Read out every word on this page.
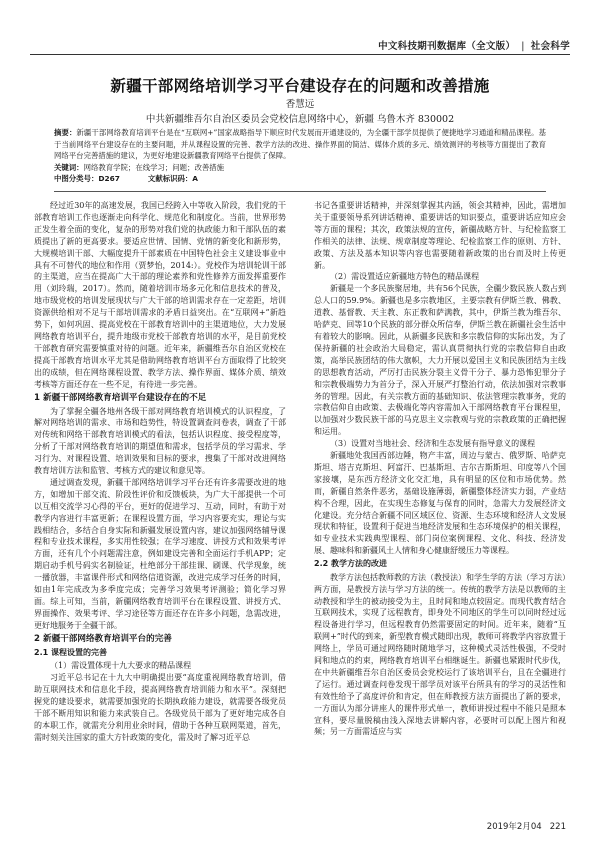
中文科技期刊数据库（全文版） | 社会科学
新疆干部网络培训学习平台建设存在的问题和改善措施
香慧远
中共新疆维吾尔自治区委员会党校信息网络中心，新疆 乌鲁木齐 830002
摘要：新疆干部网络教育培训平台是在“互联网+”国家战略指导下顺应时代发展而开通建设的，为全疆干部学员提供了便捷地学习通道和精品课程。基于当前网络平台建设存在的主要问题，并从课程设置的完善、教学方法的改进、操作界面的简洁、媒体介质的多元、绩效测评的考核等方面提出了教育网络平台完善措施的建议，为更好地建设新疆教育网络平台提供了保障。
关键词：网络教育学院；在线学习；问题；改善措施
中图分类号：D267	文献标识码：A

经过近30年的高速发展，我国已经跨入中等收入阶段，我们党的干部教育培训工作也逐渐走向科学化、规范化和制度化。当前，世界形势正发生着全面的变化，复杂的形势对我们党的执政能力和干部队伍的素质提出了新的更高要求。要适应世情、国情、党情的新变化和新形势，大规模培训干部、大幅度提升干部素质在中国特色社会主义建设事业中具有不可替代的地位和作用（贾梦怡，2014:）。党校作为培训轮训干部的主渠道，应当在提高广大干部的理论素养和党性修养方面发挥重要作用（刘玲瑞，2017）。然而，随着培训市场多元化和信息技术的普及，地市级党校的培训发展现状与广大干部的培训需求存在一定差距，培训资源供给相对不足与干部培训需求的矛盾日益突出。在“互联网+”新趋势下，如何巩固、提高党校在干部教育培训中的主渠道地位，大力发展网络教育培训平台，提升地级市党校干部教育培训的水平，是目前党校干部教育研究需要慎重对待的问题。近年来，新疆维吾尔自治区党校在提高干部教育培训水平尤其是借助网络教育培训平台方面取得了比较突出的成绩，但在网络课程设置、教学方法、操作界面、媒体介质、绩效考核等方面还存在一些不足，有待进一步完善。

1 新疆干部网络教育培训平台建设存在的不足

为了掌握全疆各地州各级干部对网络教育培训模式的认识程度，了解对网络培训的需求、市场和趋势性，特设置调查问卷表，调查了干部对传统和网络干部教育培训模式的看法，包括认识程度、接受程度等，分析了干部对网络教育培训的期望值和需求，包括学员的学习需求、学习行为、对课程设置、培训效果和目标的要求，搜集了干部对改进网络教育培训方法和监管、考核方式的建议和意见等。

通过调查发现，新疆干部网络培训学习平台还有许多需要改进的地方，如增加干部交流、阶段性评价和反馈板块，为广大干部提供一个可以互相交流学习心得的平台，更好的促进学习、互动，同时，有助于对教学内容进行丰富更新；在课程设置方面，学习内容要充实，理论与实践相结合，多结合自身实际和新疆发展设置内容，建议加强网络辅导课程和专业技术课程，多实用性较强；在学习速度、讲授方式和效果考评方面，还有几个小问题需注意，例如建设完善和全面运行手机APP；定期启动手机号码实名制验证，杜绝部分干部挂课、刷课、代学现象，统一播放器，丰富课件形式和网络信道资源，改进完成学习任务的时间，如由1年完成改为多季度完成；完善学习效果考评测验；简化学习界面。综上可知，当前，新疆网络教育培训平台在课程设置、讲授方式、界面操作、效果考评、学习途径等方面还存在许多小问题，急需改进，更好地服务于全疆干部。

2 新疆干部网络教育培训平台的完善
2.1 课程设置的完善
（1）需设置体现十九大要求的精品课程

习近平总书记在十九大中明确提出要“高度重视网络教育培训，借助互联网技术和信息化手段，提高网络教育培训能力和水平”。深刻把握党的建设要求，就需要加强党的长期执政能力建设，就需要各级党员干部不断用知识和能力来武装自己。各级党员干部为了更好地完成各自的本职工作，就需充分利用业余时间，借助于各种互联网渠道，首先，需时刻关注国家的重大方针政策的变化，需及时了解习近平总

书记各重要讲话精神，并深刻掌握其内涵，领会其精神，因此，需增加关于重要领导系列讲话精神、重要讲话的知识要点，重要讲话应知应会等方面的课程；其次，政策法规的宣传，新疆战略方针、与纪检监察工作相关的法律、法规、规章制度等理论、纪检监察工作的原则、方针、政策、方法及基本知识等内容也需要随着新政策的出台而及时上传更新。

（2）需设置适应新疆地方特色的精品课程

新疆是一个多民族聚居地，共有56个民族，全疆少数民族人数占到总人口的59.9%。新疆也是多宗教地区，主要宗教有伊斯兰教、佛教、道教、基督教、天主教、东正教和萨满教，其中，伊斯兰教为维吾尔、哈萨克、回等10个民族的部分群众所信奉，伊斯兰教在新疆社会生活中有着较大的影响。因此，从新疆多民族和多宗教信仰的实际出发，为了保持新疆的社会政治大局稳定，需认真贯彻执行党的宗教信仰自由政策，高举民族团结的伟大旗帜，大力开展以爱国主义和民族团结为主线的思想教育活动，严厉打击民族分裂主义骨干分子、暴力恐怖犯罪分子和宗教极端势力为首分子，深入开展严打整治行动，依法加强对宗教事务的管理。因此，有关宗教方面的基础知识、依法管理宗教事务，党的宗教信仰自由政策、去极端化等内容需加入干部网络教育平台课程里，以加强对少数民族干部的马克思主义宗教观与党的宗教政策的正确把握和运用。

（3）设置对当地社会、经济和生态发展有指导意义的课程

新疆地处我国西部边陲，物产丰富，周边与蒙古、俄罗斯、哈萨克斯坦、塔吉克斯坦、阿富汗、巴基斯坦、吉尔吉斯斯坦、印度等八个国家接壤，是东西方经济文化交汇地，具有明显的区位和市场优势。然而，新疆自然条件恶劣，基础设施薄弱，新疆整体经济实力弱，产业结构不合理，因此，在实现生态修复与保育的同时，急需大力发展经济文化建设。充分结合新疆不同区域区位、资源、生态环境和经济人文发展现状和特征，设置利于促进当地经济发展和生态环境保护的相关课程，如专业技术实践典型课程、部门岗位案例课程、文化、科技、经济发展、趣味科和新疆风土人情和身心健康舒缓压力等课程。

2.2 教学方法的改进

教学方法包括教师教的方法（教授法）和学生学的方法（学习方法）两方面，是教授方法与学习方法的统一。传统的教学方法是以教师的主动教授和学生的被动接受为主，且时间和地点较固定。而现代教育结合互联网技术，实现了远程教育，即身处不同地区的学生可以同时经过远程设备进行学习，但远程教育仍然需要固定的时间。近年来，随着“互联网+”时代的到来，新型教育模式随即出现，教师可将教学内容放置于网络上，学员可通过网络随时随地学习，这种模式灵活性极强，不受时间和地点的约束，网络教育培训平台相继诞生。新疆也紧跟时代步伐，在中共新疆维吾尔自治区委员会党校运行了该培训平台，且在全疆进行了运行。通过调查问卷发现干部学员对该平台所具有的学习的灵活性和有效性给予了高度评价和肯定，但在师教授方法方面提出了新的要求，一方面认为部分讲座人的课件形式单一，教师讲授过程中不能只是照本宣科，要尽量脱稿由浅入深地去讲解内容，必要时可以配上图片和视频；另一方面需适应与实

2019年2月04 221
